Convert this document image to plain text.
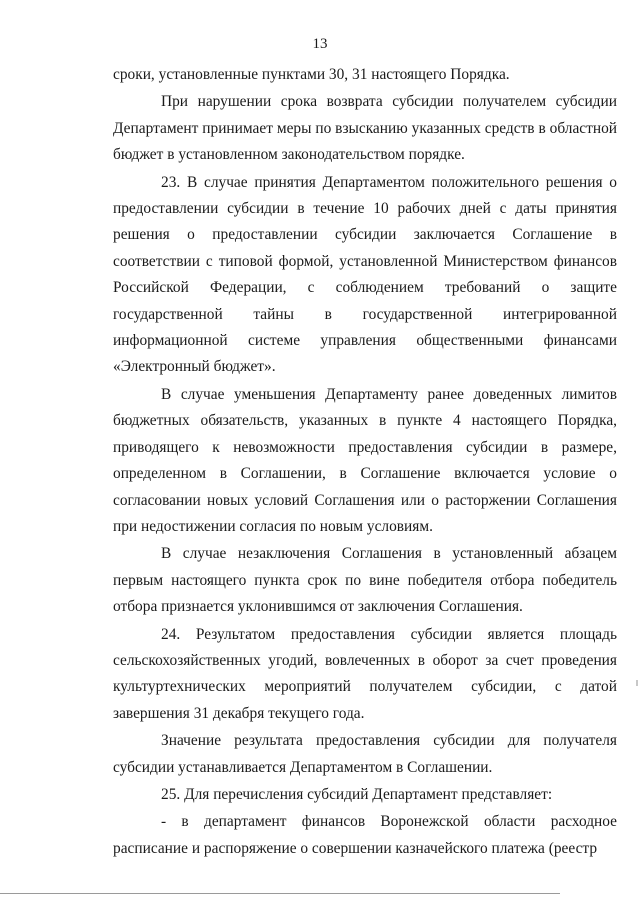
13

сроки, установленные пунктами 30, 31 настоящего Порядка.

При нарушении срока возврата субсидии получателем субсидии Департамент принимает меры по взысканию указанных средств в областной бюджет в установленном законодательством порядке.

23. В случае принятия Департаментом положительного решения о предоставлении субсидии в течение 10 рабочих дней с даты принятия решения о предоставлении субсидии заключается Соглашение в соответствии с типовой формой, установленной Министерством финансов Российской Федерации, с соблюдением требований о защите государственной тайны в государственной интегрированной информационной системе управления общественными финансами «Электронный бюджет».

В случае уменьшения Департаменту ранее доведенных лимитов бюджетных обязательств, указанных в пункте 4 настоящего Порядка, приводящего к невозможности предоставления субсидии в размере, определенном в Соглашении, в Соглашение включается условие о согласовании новых условий Соглашения или о расторжении Соглашения при недостижении согласия по новым условиям.

В случае незаключения Соглашения в установленный абзацем первым настоящего пункта срок по вине победителя отбора победитель отбора признается уклонившимся от заключения Соглашения.

24. Результатом предоставления субсидии является площадь сельскохозяйственных угодий, вовлеченных в оборот за счет проведения культуртехнических мероприятий получателем субсидии, с датой завершения 31 декабря текущего года.

Значение результата предоставления субсидии для получателя субсидии устанавливается Департаментом в Соглашении.

25. Для перечисления субсидий Департамент представляет:

- в департамент финансов Воронежской области расходное расписание и распоряжение о совершении казначейского платежа (реестр
